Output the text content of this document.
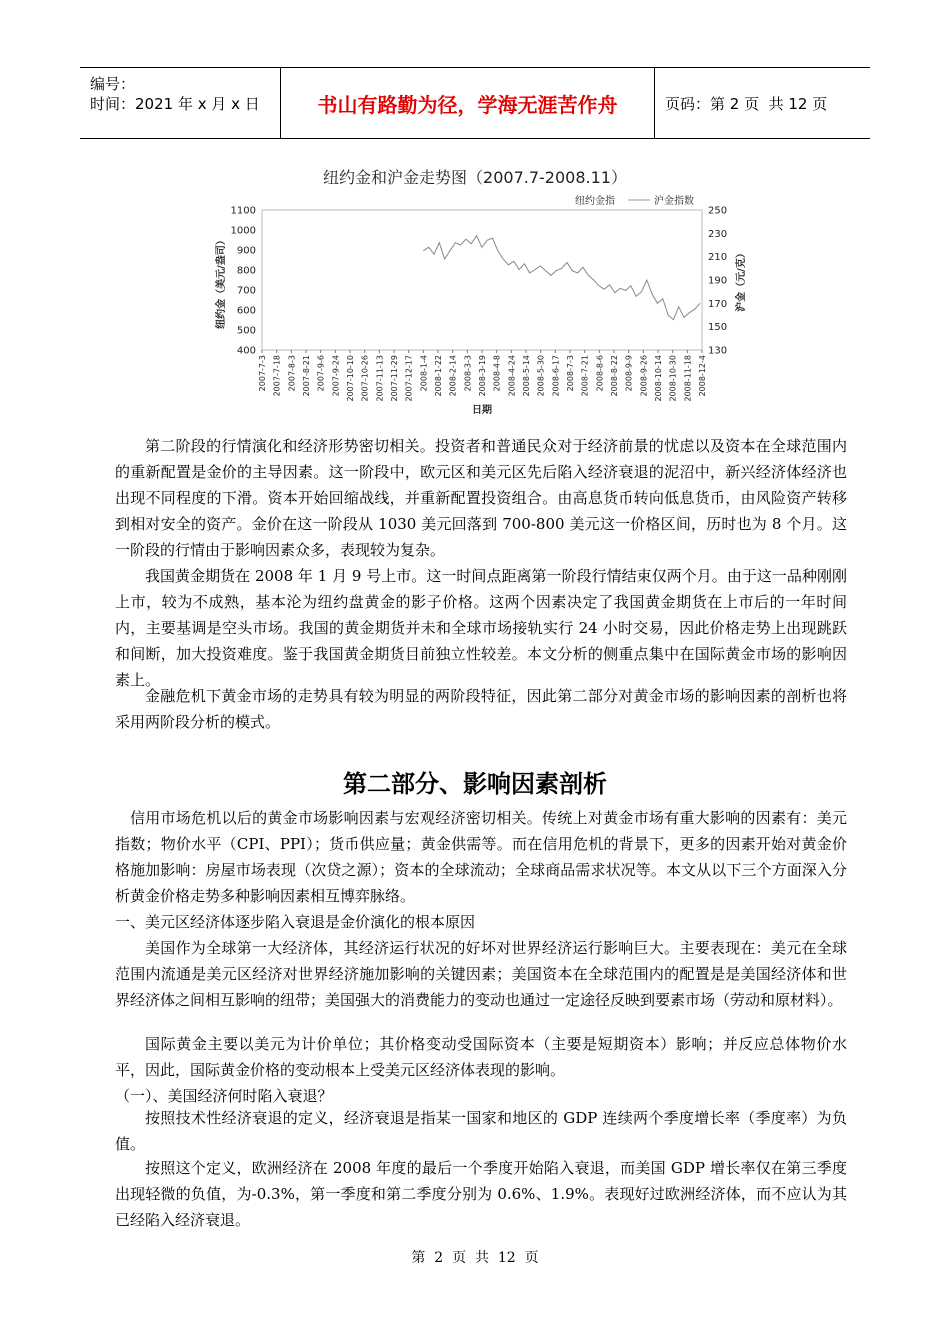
编号：
时间：2021 年 x 月 x 日	书山有路勤为径，学海无涯苦作舟	页码：第 2 页  共 12 页
纽约金和沪金走势图（2007.7-2008.11）
纽约金指	沪金指数
1100
1000
900
800
700
600
500
400
250
230
210
190
170
150
130
2007-7-3 2007-7-18 2007-8-3 2007-8-21 2007-9-6 2007-9-24 2007-10-10 2007-10-26 2007-11-13 2007-11-29 2007-12-17 2008-1-4 2008-1-22 2008-2-14 2008-3-3 2008-3-19 2008-4-8 2008-4-24 2008-5-14 2008-5-30 2008-6-17 2008-7-3 2008-7-21 2008-8-6 2008-8-22 2008-9-9 2008-9-26 2008-10-14 2008-10-30 2008-11-18 2008-12-4
纽约金（美元/盎司）	沪金（元/克）
日期

第二阶段的行情演化和经济形势密切相关。投资者和普通民众对于经济前景的忧虑以及资本在全球范围内的重新配置是金价的主导因素。这一阶段中，欧元区和美元区先后陷入经济衰退的泥沼中，新兴经济体经济也出现不同程度的下滑。资本开始回缩战线，并重新配置投资组合。由高息货币转向低息货币，由风险资产转移到相对安全的资产。金价在这一阶段从 1030 美元回落到 700-800 美元这一价格区间，历时也为 8 个月。这一阶段的行情由于影响因素众多，表现较为复杂。

我国黄金期货在 2008 年 1 月 9 号上市。这一时间点距离第一阶段行情结束仅两个月。由于这一品种刚刚上市，较为不成熟，基本沦为纽约盘黄金的影子价格。这两个因素决定了我国黄金期货在上市后的一年时间内，主要基调是空头市场。我国的黄金期货并未和全球市场接轨实行 24 小时交易，因此价格走势上出现跳跃和间断，加大投资难度。鉴于我国黄金期货目前独立性较差。本文分析的侧重点集中在国际黄金市场的影响因素上。

金融危机下黄金市场的走势具有较为明显的两阶段特征，因此第二部分对黄金市场的影响因素的剖析也将采用两阶段分析的模式。

第二部分、影响因素剖析

信用市场危机以后的黄金市场影响因素与宏观经济密切相关。传统上对黄金市场有重大影响的因素有：美元指数；物价水平（CPI、PPI）；货币供应量；黄金供需等。而在信用危机的背景下，更多的因素开始对黄金价格施加影响：房屋市场表现（次贷之源）；资本的全球流动；全球商品需求状况等。本文从以下三个方面深入分析黄金价格走势多种影响因素相互博弈脉络。

一、美元区经济体逐步陷入衰退是金价演化的根本原因

美国作为全球第一大经济体，其经济运行状况的好坏对世界经济运行影响巨大。主要表现在：美元在全球范围内流通是美元区经济对世界经济施加影响的关键因素；美国资本在全球范围内的配置是是美国经济体和世界经济体之间相互影响的纽带；美国强大的消费能力的变动也通过一定途径反映到要素市场（劳动和原材料）。

国际黄金主要以美元为计价单位；其价格变动受国际资本（主要是短期资本）影响；并反应总体物价水平，因此，国际黄金价格的变动根本上受美元区经济体表现的影响。

（一）、美国经济何时陷入衰退？

按照技术性经济衰退的定义，经济衰退是指某一国家和地区的 GDP 连续两个季度增长率（季度率）为负值。

按照这个定义，欧洲经济在 2008 年度的最后一个季度开始陷入衰退，而美国 GDP 增长率仅在第三季度出现轻微的负值，为-0.3%，第一季度和第二季度分别为 0.6%、1.9%。表现好过欧洲经济体，而不应认为其已经陷入经济衰退。

第  2  页  共  12  页
